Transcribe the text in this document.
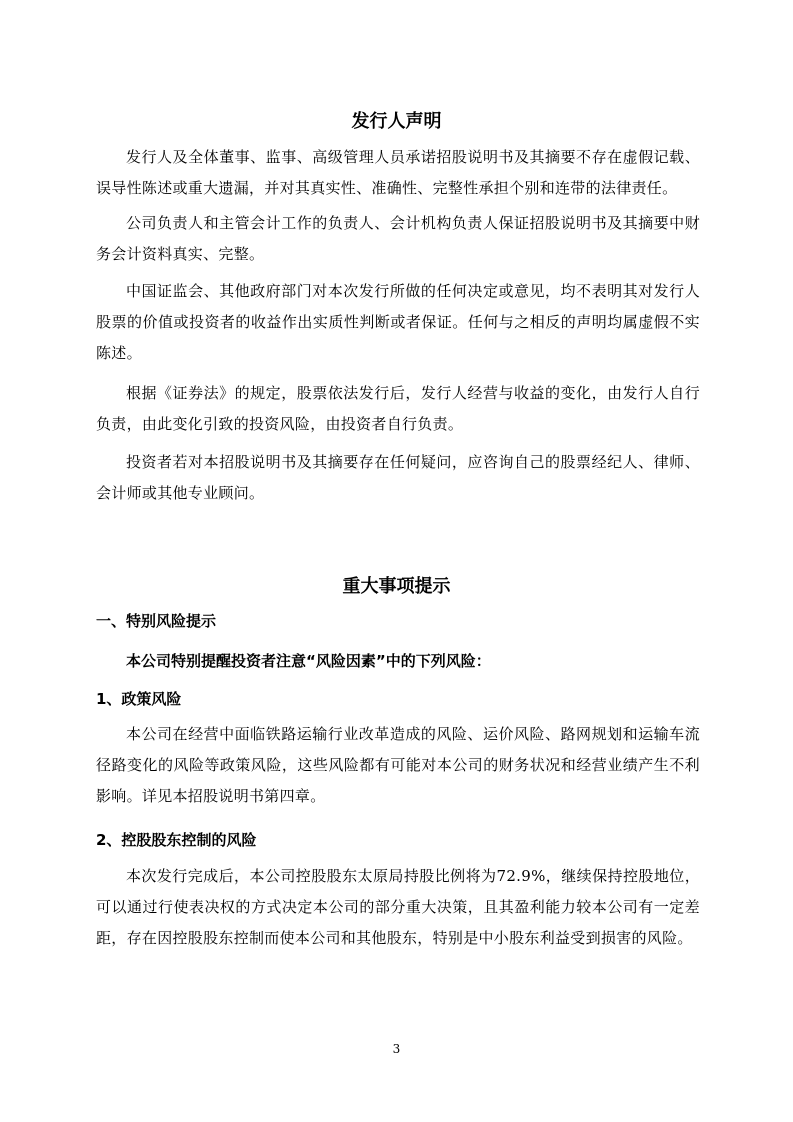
发行人声明

发行人及全体董事、监事、高级管理人员承诺招股说明书及其摘要不存在虚假记载、误导性陈述或重大遗漏，并对其真实性、准确性、完整性承担个别和连带的法律责任。

公司负责人和主管会计工作的负责人、会计机构负责人保证招股说明书及其摘要中财务会计资料真实、完整。

中国证监会、其他政府部门对本次发行所做的任何决定或意见，均不表明其对发行人股票的价值或投资者的收益作出实质性判断或者保证。任何与之相反的声明均属虚假不实陈述。

根据《证券法》的规定，股票依法发行后，发行人经营与收益的变化，由发行人自行负责，由此变化引致的投资风险，由投资者自行负责。

投资者若对本招股说明书及其摘要存在任何疑问，应咨询自己的股票经纪人、律师、会计师或其他专业顾问。

重大事项提示
一、特别风险提示
本公司特别提醒投资者注意“风险因素”中的下列风险：
1、政策风险

本公司在经营中面临铁路运输行业改革造成的风险、运价风险、路网规划和运输车流径路变化的风险等政策风险，这些风险都有可能对本公司的财务状况和经营业绩产生不利影响。详见本招股说明书第四章。

2、控股股东控制的风险

本次发行完成后，本公司控股股东太原局持股比例将为72.9%，继续保持控股地位，可以通过行使表决权的方式决定本公司的部分重大决策，且其盈利能力较本公司有一定差距，存在因控股股东控制而使本公司和其他股东，特别是中小股东利益受到损害的风险。

3
